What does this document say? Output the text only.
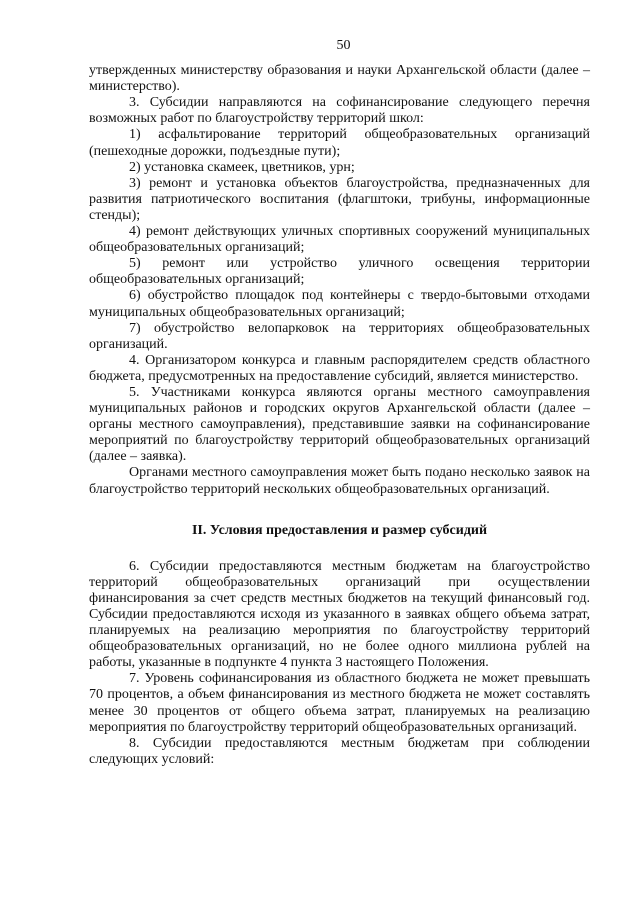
50

утвержденных министерству образования и науки Архангельской области (далее – министерство).

3. Субсидии направляются на софинансирование следующего перечня возможных работ по благоустройству территорий школ:

1) асфальтирование территорий общеобразовательных организаций (пешеходные дорожки, подъездные пути);

2) установка скамеек, цветников, урн;

3) ремонт и установка объектов благоустройства, предназначенных для развития патриотического воспитания (флагштоки, трибуны, информационные стенды);

4) ремонт действующих уличных спортивных сооружений муниципальных общеобразовательных организаций;

5) ремонт или устройство уличного освещения территории общеобразовательных организаций;

6) обустройство площадок под контейнеры с твердо-бытовыми отходами муниципальных общеобразовательных организаций;

7) обустройство велопарковок на территориях общеобразовательных организаций.

4. Организатором конкурса и главным распорядителем средств областного бюджета, предусмотренных на предоставление субсидий, является министерство.

5. Участниками конкурса являются органы местного самоуправления муниципальных районов и городских округов Архангельской области (далее – органы местного самоуправления), представившие заявки на софинансирование мероприятий по благоустройству территорий общеобразовательных организаций (далее – заявка).

Органами местного самоуправления может быть подано несколько заявок на благоустройство территорий нескольких общеобразовательных организаций.

II. Условия предоставления и размер субсидий

6. Субсидии предоставляются местным бюджетам на благоустройство территорий общеобразовательных организаций при осуществлении финансирования за счет средств местных бюджетов на текущий финансовый год. Субсидии предоставляются исходя из указанного в заявках общего объема затрат, планируемых на реализацию мероприятия по благоустройству территорий общеобразовательных организаций, но не более одного миллиона рублей на работы, указанные в подпункте 4 пункта 3 настоящего Положения.

7. Уровень софинансирования из областного бюджета не может превышать 70 процентов, а объем финансирования из местного бюджета не может составлять менее 30 процентов от общего объема затрат, планируемых на реализацию мероприятия по благоустройству территорий общеобразовательных организаций.

8. Субсидии предоставляются местным бюджетам при соблюдении следующих условий:
